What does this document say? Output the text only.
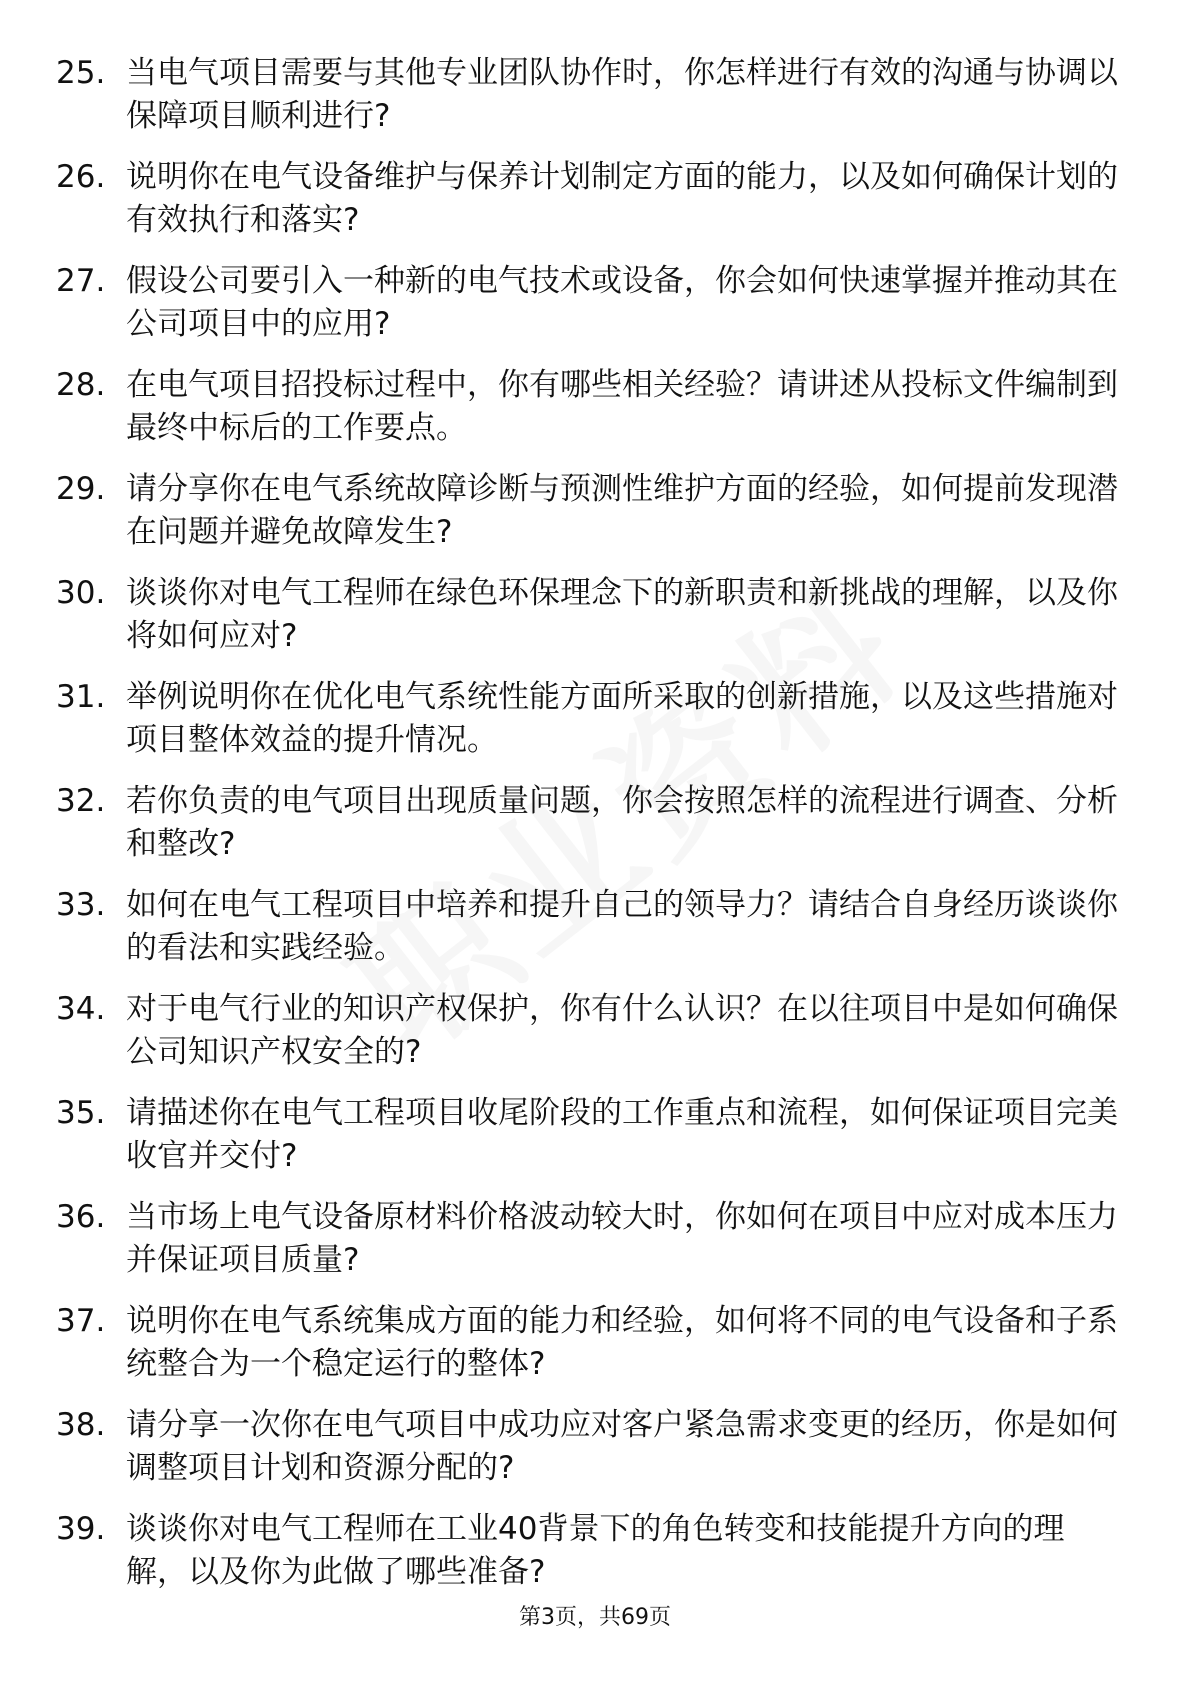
25. 当电气项目需要与其他专业团队协作时，你怎样进行有效的沟通与协调以保障项目顺利进行?
26. 说明你在电气设备维护与保养计划制定方面的能力，以及如何确保计划的有效执行和落实?
27. 假设公司要引入一种新的电气技术或设备，你会如何快速掌握并推动其在公司项目中的应用?
28. 在电气项目招投标过程中，你有哪些相关经验？请讲述从投标文件编制到最终中标后的工作要点。
29. 请分享你在电气系统故障诊断与预测性维护方面的经验，如何提前发现潜在问题并避免故障发生?
30. 谈谈你对电气工程师在绿色环保理念下的新职责和新挑战的理解，以及你将如何应对?
31. 举例说明你在优化电气系统性能方面所采取的创新措施，以及这些措施对项目整体效益的提升情况。
32. 若你负责的电气项目出现质量问题，你会按照怎样的流程进行调查、分析和整改?
33. 如何在电气工程项目中培养和提升自己的领导力？请结合自身经历谈谈你的看法和实践经验。
34. 对于电气行业的知识产权保护，你有什么认识？在以往项目中是如何确保公司知识产权安全的?
35. 请描述你在电气工程项目收尾阶段的工作重点和流程，如何保证项目完美收官并交付?
36. 当市场上电气设备原材料价格波动较大时，你如何在项目中应对成本压力并保证项目质量?
37. 说明你在电气系统集成方面的能力和经验，如何将不同的电气设备和子系统整合为一个稳定运行的整体?
38. 请分享一次你在电气项目中成功应对客户紧急需求变更的经历，你是如何调整项目计划和资源分配的?
39. 谈谈你对电气工程师在工业40背景下的角色转变和技能提升方向的理解，以及你为此做了哪些准备?
第3页，共69页
